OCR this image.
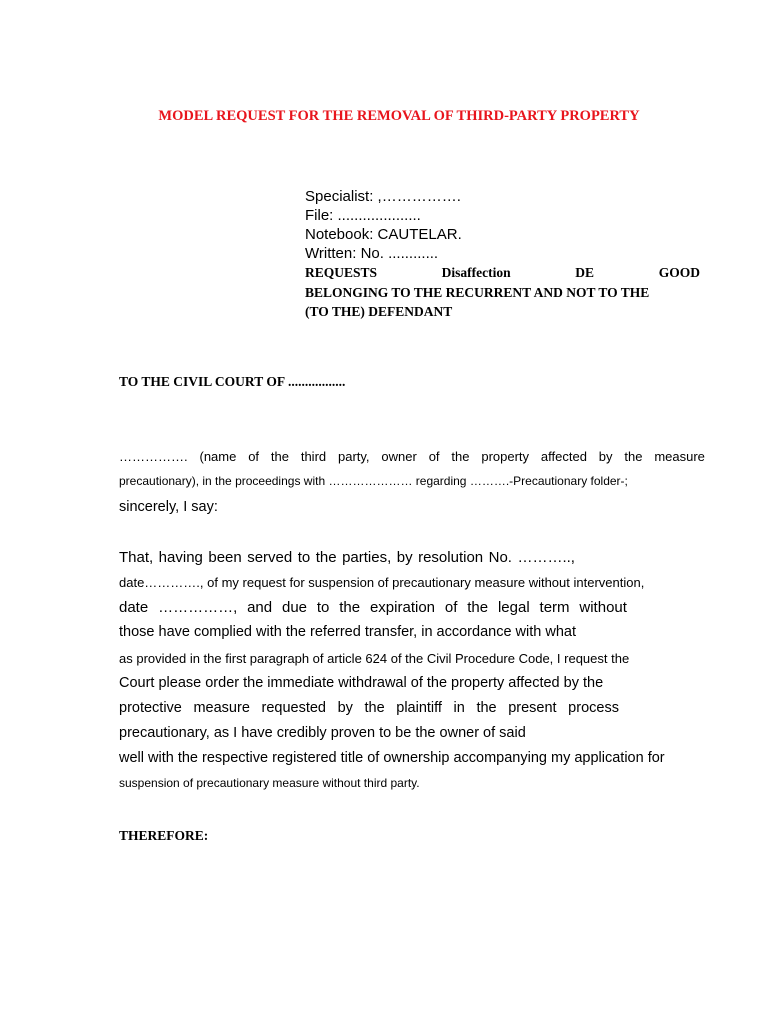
MODEL REQUEST FOR THE REMOVAL OF THIRD-PARTY PROPERTY
Specialist: ,…………….
File: ....................
Notebook: CAUTELAR.
Written: No. ............
REQUESTS	Disaffection	DE	GOOD
BELONGING TO THE RECURRENT AND NOT TO THE
(TO THE) DEFENDANT
TO THE CIVIL COURT OF .................
……………. (name of the third party, owner of the property affected by the measure
precautionary), in the proceedings with ………………… regarding ……….-Precautionary folder-;
sincerely, I say:
That, having been served to the parties, by resolution No. ………..,
date…………., of my request for suspension of precautionary measure without intervention,
date ……………, and due to the expiration of the legal term without
those have complied with the referred transfer, in accordance with what
as provided in the first paragraph of article 624 of the Civil Procedure Code, I request the
Court please order the immediate withdrawal of the property affected by the
protective measure requested by the plaintiff in the present process
precautionary, as I have credibly proven to be the owner of said
well with the respective registered title of ownership accompanying my application for
suspension of precautionary measure without third party.
THEREFORE:
